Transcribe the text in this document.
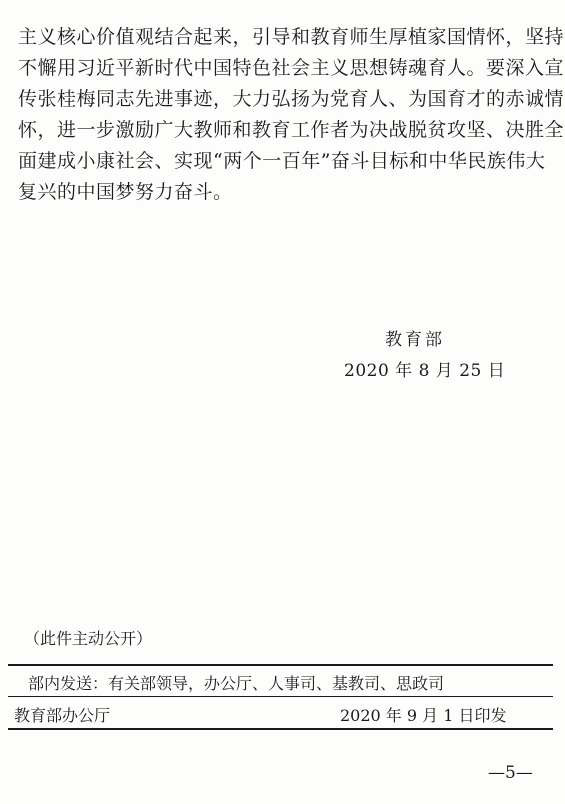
主义核心价值观结合起来，引导和教育师生厚植家国情怀，坚持
不懈用习近平新时代中国特色社会主义思想铸魂育人。要深入宣
传张桂梅同志先进事迹，大力弘扬为党育人、为国育才的赤诚情
怀，进一步激励广大教师和教育工作者为决战脱贫攻坚、决胜全
面建成小康社会、实现“两个一百年”奋斗目标和中华民族伟大
复兴的中国梦努力奋斗。
教育部
2020 年 8 月 25 日
（此件主动公开）
部内发送：有关部领导，办公厅、人事司、基教司、思政司
教育部办公厅	2020 年 9 月 1 日印发
—5—
